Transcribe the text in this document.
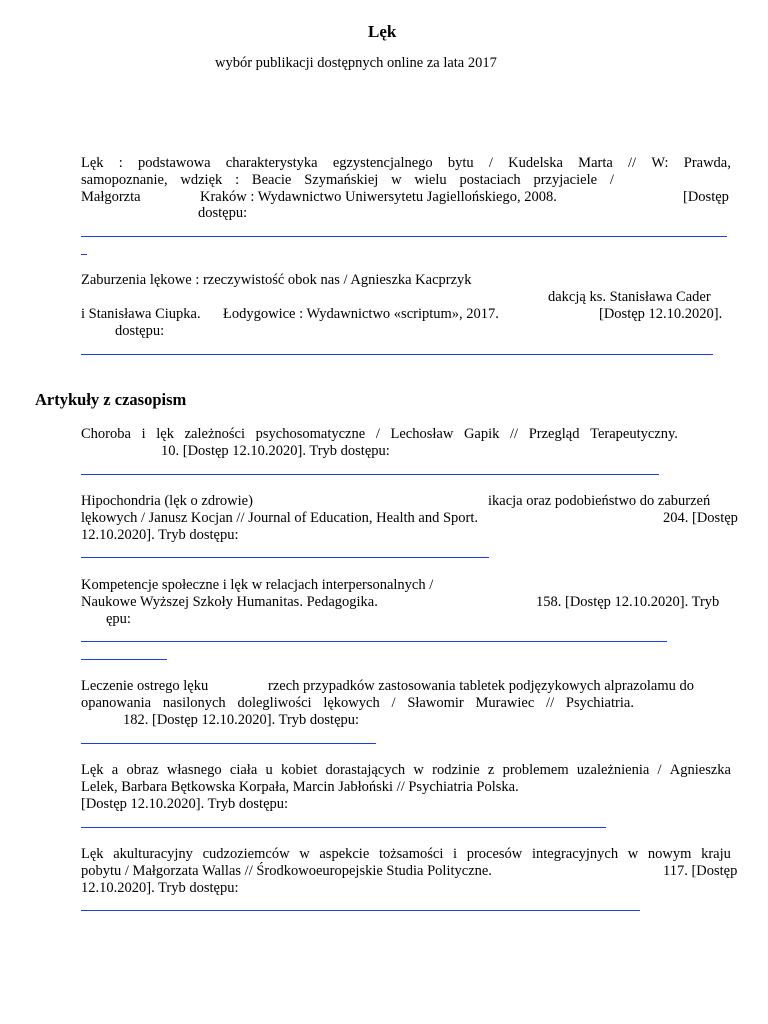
Lęk
wybór publikacji dostępnych online za lata 2017
Lęk : podstawowa charakterystyka egzystencjalnego bytu / Kudelska Marta // W: Prawda,
samopoznanie, wdzięk : Beacie Szymańskiej w wielu postaciach przyjaciele /
Małgorzta	Kraków : Wydawnictwo Uniwersytetu Jagiellońskiego, 2008.	[Dostęp
dostępu:
Zaburzenia lękowe : rzeczywistość obok nas / Agnieszka Kacprzyk
dakcją ks. Stanisława Cader
i Stanisława Ciupka. Łodygowice : Wydawnictwo «scriptum», 2017.	[Dostęp 12.10.2020].
dostępu:
Artykuły z czasopism
Choroba i lęk zależności psychosomatyczne / Lechosław Gapik // Przegląd Terapeutyczny.
10. [Dostęp 12.10.2020]. Tryb dostępu:
Hipochondria (lęk o zdrowie)	ikacja oraz podobieństwo do zaburzeń
lękowych / Janusz Kocjan // Journal of Education, Health and Sport.	204. [Dostęp
12.10.2020]. Tryb dostępu:
Kompetencje społeczne i lęk w relacjach interpersonalnych /
Naukowe Wyższej Szkoły Humanitas. Pedagogika.	158. [Dostęp 12.10.2020]. Tryb
ępu:
Leczenie ostrego lęku	rzech przypadków zastosowania tabletek podjęzykowych alprazolamu do
opanowania nasilonych dolegliwości lękowych / Sławomir Murawiec // Psychiatria.
182. [Dostęp 12.10.2020]. Tryb dostępu:
Lęk a obraz własnego ciała u kobiet dorastających w rodzinie z problemem uzależnienia / Agnieszka
Lelek, Barbara Bętkowska Korpała, Marcin Jabłoński // Psychiatria Polska.
[Dostęp 12.10.2020]. Tryb dostępu:
Lęk akulturacyjny cudzoziemców w aspekcie tożsamości i procesów integracyjnych w nowym kraju
pobytu / Małgorzata Wallas // Środkowoeuropejskie Studia Polityczne.	117. [Dostęp
12.10.2020]. Tryb dostępu:
